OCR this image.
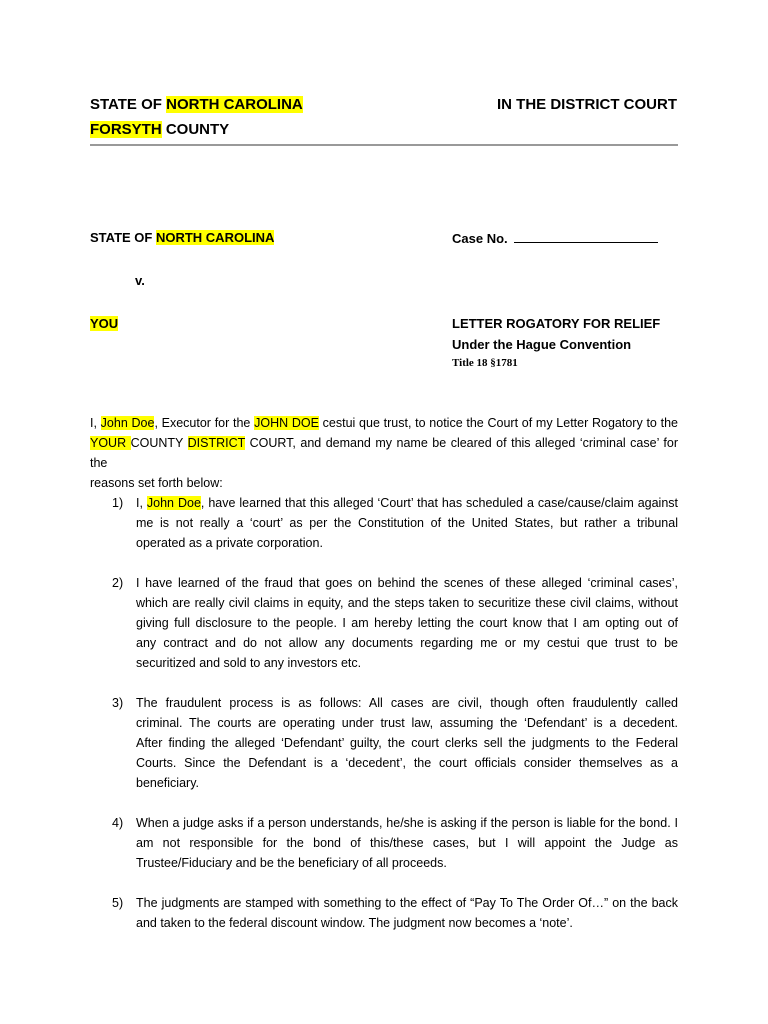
STATE OF NORTH CAROLINA	IN THE DISTRICT COURT
FORSYTH COUNTY
STATE OF NORTH CAROLINA	Case No.
v.
YOU	LETTER ROGATORY FOR RELIEF
Under the Hague Convention
Title 18 §1781
I, John Doe, Executor for the JOHN DOE cestui que trust, to notice the Court of my Letter Rogatory to the
YOUR COUNTY DISTRICT COURT, and demand my name be cleared of this alleged ‘criminal case’ for the
reasons set forth below:
1) I, John Doe, have learned that this alleged ‘Court’ that has scheduled a case/cause/claim against
me is not really a ‘court’ as per the Constitution of the United States, but rather a tribunal
operated as a private corporation.
2) I have learned of the fraud that goes on behind the scenes of these alleged ‘criminal cases’,
which are really civil claims in equity, and the steps taken to securitize these civil claims, without
giving full disclosure to the people. I am hereby letting the court know that I am opting out of
any contract and do not allow any documents regarding me or my cestui que trust to be
securitized and sold to any investors etc.
3) The fraudulent process is as follows: All cases are civil, though often fraudulently called
criminal. The courts are operating under trust law, assuming the ‘Defendant’ is a decedent.
After finding the alleged ‘Defendant’ guilty, the court clerks sell the judgments to the Federal
Courts. Since the Defendant is a ‘decedent’, the court officials consider themselves as a
beneficiary.
4) When a judge asks if a person understands, he/she is asking if the person is liable for the bond. I
am not responsible for the bond of this/these cases, but I will appoint the Judge as
Trustee/Fiduciary and be the beneficiary of all proceeds.
5) The judgments are stamped with something to the effect of “Pay To The Order Of…” on the back
and taken to the federal discount window. The judgment now becomes a ‘note’.
